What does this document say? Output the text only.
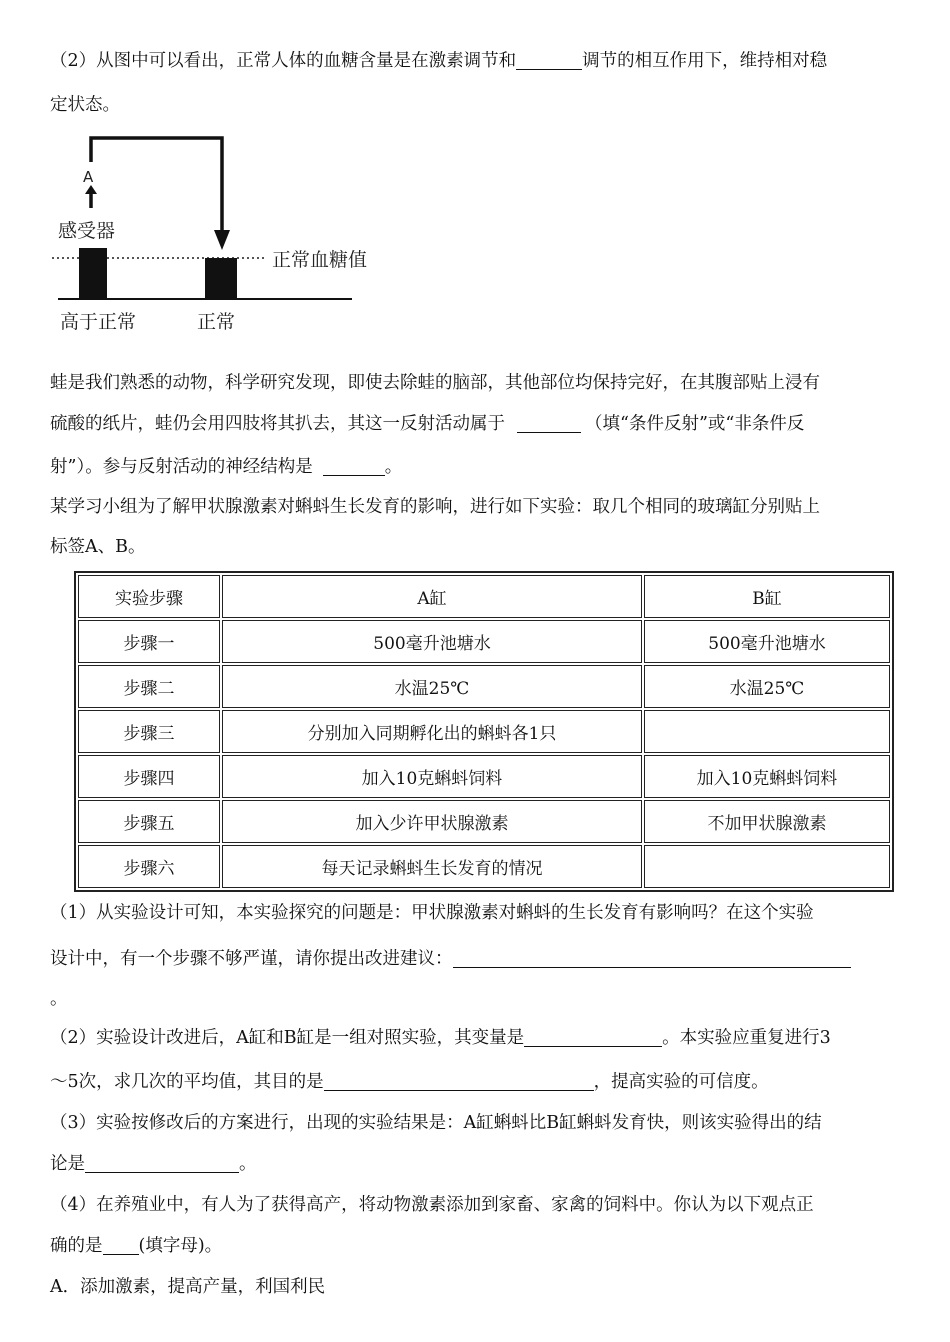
（2）从图中可以看出，正常人体的血糖含量是在激素调节和	调节的相互作用下，维持相对稳

定状态。

A
感受器
正常血糖值
高于正常	正常

蛙是我们熟悉的动物，科学研究发现，即使去除蛙的脑部，其他部位均保持完好，在其腹部贴上浸有

硫酸的纸片，蛙仍会用四肢将其扒去，其这一反射活动属于	（填“条件反射”或“非条件反

射”）。参与反射活动的神经结构是	。

某学习小组为了解甲状腺激素对蝌蚪生长发育的影响，进行如下实验：取几个相同的玻璃缸分别贴上

标签A、B。

实验步骤	A缸	B缸
步骤一	500毫升池塘水	500毫升池塘水
步骤二	水温25℃	水温25℃
步骤三	分别加入同期孵化出的蝌蚪各1只	
步骤四	加入10克蝌蚪饲料	加入10克蝌蚪饲料
步骤五	加入少许甲状腺激素	不加甲状腺激素
步骤六	每天记录蝌蚪生长发育的情况	

（1）从实验设计可知，本实验探究的问题是：甲状腺激素对蝌蚪的生长发育有影响吗？在这个实验

设计中，有一个步骤不够严谨，请你提出改进建议：

。

（2）实验设计改进后，A缸和B缸是一组对照实验，其变量是	。本实验应重复进行3

～5次，求几次的平均值，其目的是	，提高实验的可信度。

（3）实验按修改后的方案进行，出现的实验结果是：A缸蝌蚪比B缸蝌蚪发育快，则该实验得出的结

论是	。

（4）在养殖业中，有人为了获得高产，将动物激素添加到家畜、家禽的饲料中。你认为以下观点正

确的是 (填字母)。

A．添加激素，提高产量，利国利民
